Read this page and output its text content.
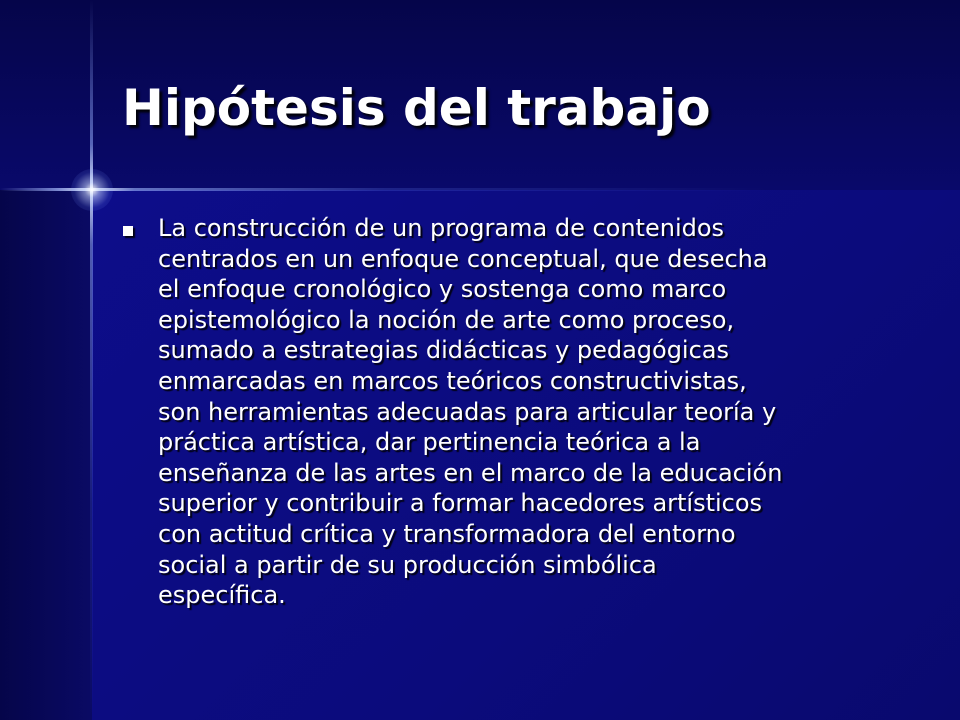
Hipótesis del trabajo

La construcción de un programa de contenidos
centrados en un enfoque conceptual, que desecha
el enfoque cronológico y sostenga como marco
epistemológico la noción de arte como proceso,
sumado a estrategias didácticas y pedagógicas
enmarcadas en marcos teóricos constructivistas,
son herramientas adecuadas para articular teoría y
práctica artística, dar pertinencia teórica a la
enseñanza de las artes en el marco de la educación
superior y contribuir a formar hacedores artísticos
con actitud crítica y transformadora del entorno
social a partir de su producción simbólica
específica.
